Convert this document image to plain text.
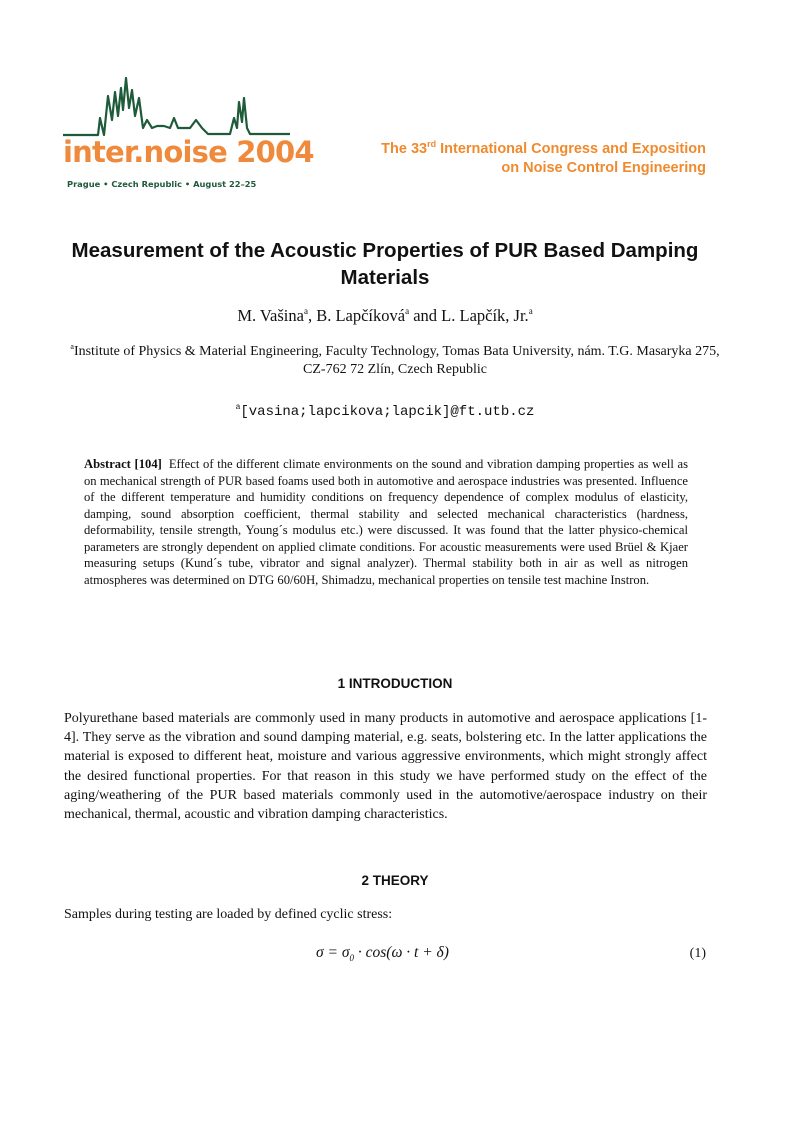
inter.noise 2004
Prague • Czech Republic • August 22–25
The 33rd International Congress and Exposition
on Noise Control Engineering
Measurement of the Acoustic Properties of PUR Based Damping Materials
M. Vašina$^a$, B. Lapčíková$^a$ and L. Lapčík, Jr.$^a$
$^a$Institute of Physics & Material Engineering, Faculty Technology, Tomas Bata University, nám. T.G. Masaryka 275, CZ-762 72 Zlín, Czech Republic
$^a$[vasina;lapcikova;lapcik]@ft.utb.cz
Abstract [104] Effect of the different climate environments on the sound and vibration damping properties as well as on mechanical strength of PUR based foams used both in automotive and aerospace industries was presented. Influence of the different temperature and humidity conditions on frequency dependence of complex modulus of elasticity, damping, sound absorption coefficient, thermal stability and selected mechanical characteristics (hardness, deformability, tensile strength, Young´s modulus etc.) were discussed. It was found that the latter physico-chemical parameters are strongly dependent on applied climate conditions. For acoustic measurements were used Brüel & Kjaer measuring setups (Kund´s tube, vibrator and signal analyzer). Thermal stability both in air as well as nitrogen atmospheres was determined on DTG 60/60H, Shimadzu, mechanical properties on tensile test machine Instron.
1 INTRODUCTION
Polyurethane based materials are commonly used in many products in automotive and aerospace applications [1-4]. They serve as the vibration and sound damping material, e.g. seats, bolstering etc. In the latter applications the material is exposed to different heat, moisture and various aggressive environments, which might strongly affect the desired functional properties. For that reason in this study we have performed study on the effect of the aging/weathering of the PUR based materials commonly used in the automotive/aerospace industry on their mechanical, thermal, acoustic and vibration damping characteristics.
2 THEORY
Samples during testing are loaded by defined cyclic stress:
$\sigma = \sigma_0 \cdot \cos(\omega \cdot t + \delta)$	(1)
